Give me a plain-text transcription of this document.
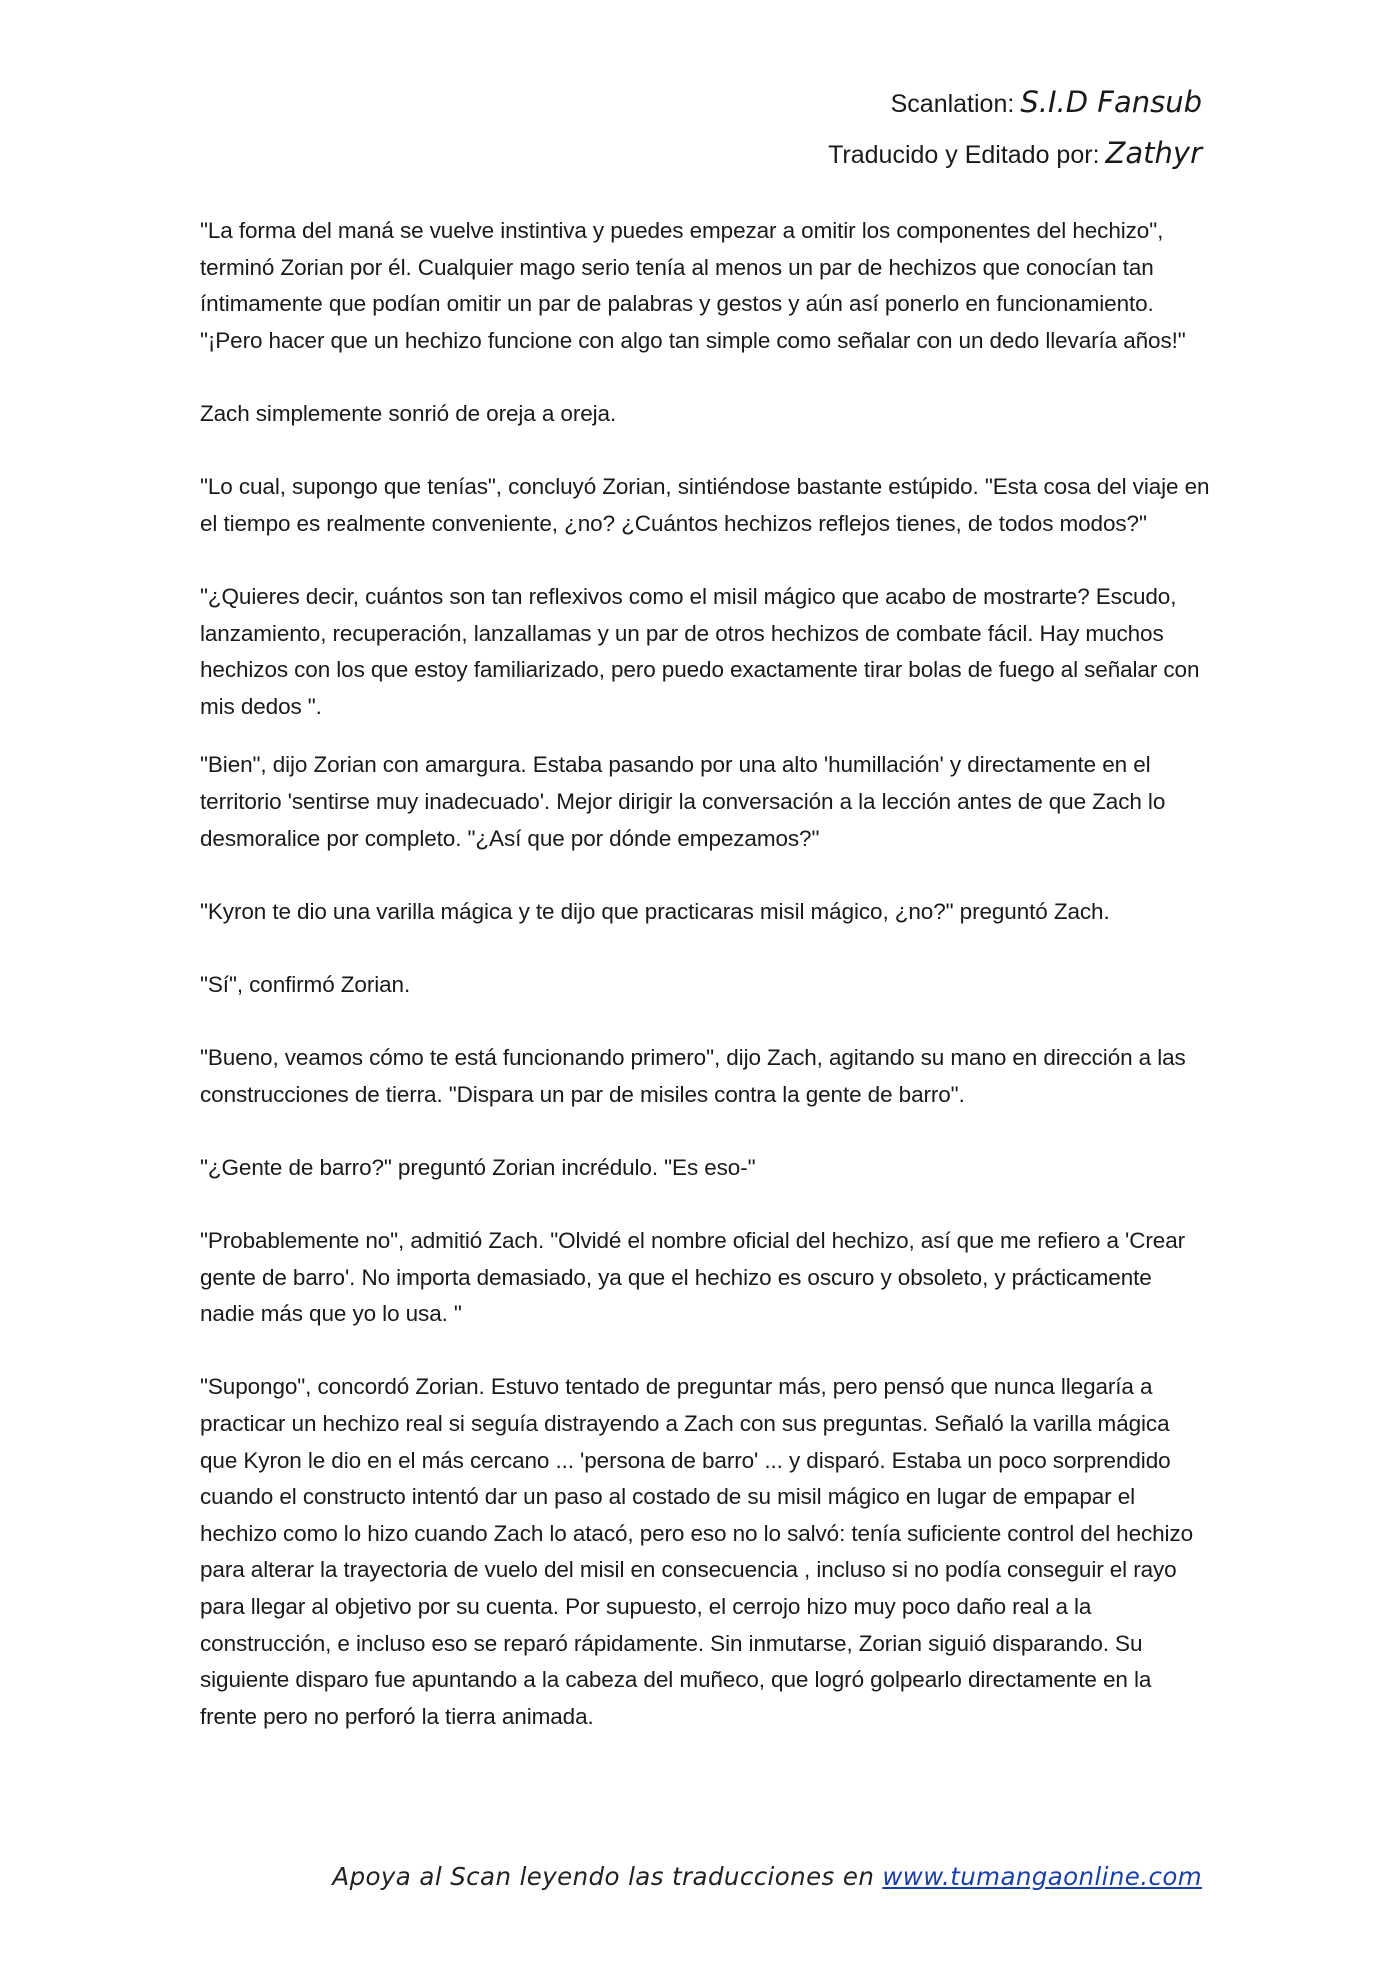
Scanlation: S.I.D Fansub
Traducido y Editado por: Zathyr

"La forma del maná se vuelve instintiva y puedes empezar a omitir los componentes del hechizo", terminó Zorian por él. Cualquier mago serio tenía al menos un par de hechizos que conocían tan íntimamente que podían omitir un par de palabras y gestos y aún así ponerlo en funcionamiento. "¡Pero hacer que un hechizo funcione con algo tan simple como señalar con un dedo llevaría años!"

Zach simplemente sonrió de oreja a oreja.

"Lo cual, supongo que tenías", concluyó Zorian, sintiéndose bastante estúpido. "Esta cosa del viaje en el tiempo es realmente conveniente, ¿no? ¿Cuántos hechizos reflejos tienes, de todos modos?"

"¿Quieres decir, cuántos son tan reflexivos como el misil mágico que acabo de mostrarte? Escudo, lanzamiento, recuperación, lanzallamas y un par de otros hechizos de combate fácil. Hay muchos hechizos con los que estoy familiarizado, pero puedo exactamente tirar bolas de fuego al señalar con mis dedos ".

"Bien", dijo Zorian con amargura. Estaba pasando por una alto 'humillación' y directamente en el territorio 'sentirse muy inadecuado'. Mejor dirigir la conversación a la lección antes de que Zach lo desmoralice por completo. "¿Así que por dónde empezamos?"

"Kyron te dio una varilla mágica y te dijo que practicaras misil mágico, ¿no?" preguntó Zach.

"Sí", confirmó Zorian.

"Bueno, veamos cómo te está funcionando primero", dijo Zach, agitando su mano en dirección a las construcciones de tierra. "Dispara un par de misiles contra la gente de barro".

"¿Gente de barro?" preguntó Zorian incrédulo. "Es eso-"

"Probablemente no", admitió Zach. "Olvidé el nombre oficial del hechizo, así que me refiero a 'Crear gente de barro'. No importa demasiado, ya que el hechizo es oscuro y obsoleto, y prácticamente nadie más que yo lo usa. "

"Supongo", concordó Zorian. Estuvo tentado de preguntar más, pero pensó que nunca llegaría a practicar un hechizo real si seguía distrayendo a Zach con sus preguntas. Señaló la varilla mágica que Kyron le dio en el más cercano ... 'persona de barro' ... y disparó. Estaba un poco sorprendido cuando el constructo intentó dar un paso al costado de su misil mágico en lugar de empapar el hechizo como lo hizo cuando Zach lo atacó, pero eso no lo salvó: tenía suficiente control del hechizo para alterar la trayectoria de vuelo del misil en consecuencia , incluso si no podía conseguir el rayo para llegar al objetivo por su cuenta. Por supuesto, el cerrojo hizo muy poco daño real a la construcción, e incluso eso se reparó rápidamente. Sin inmutarse, Zorian siguió disparando. Su siguiente disparo fue apuntando a la cabeza del muñeco, que logró golpearlo directamente en la frente pero no perforó la tierra animada.

Apoya al Scan leyendo las traducciones en www.tumangaonline.com
